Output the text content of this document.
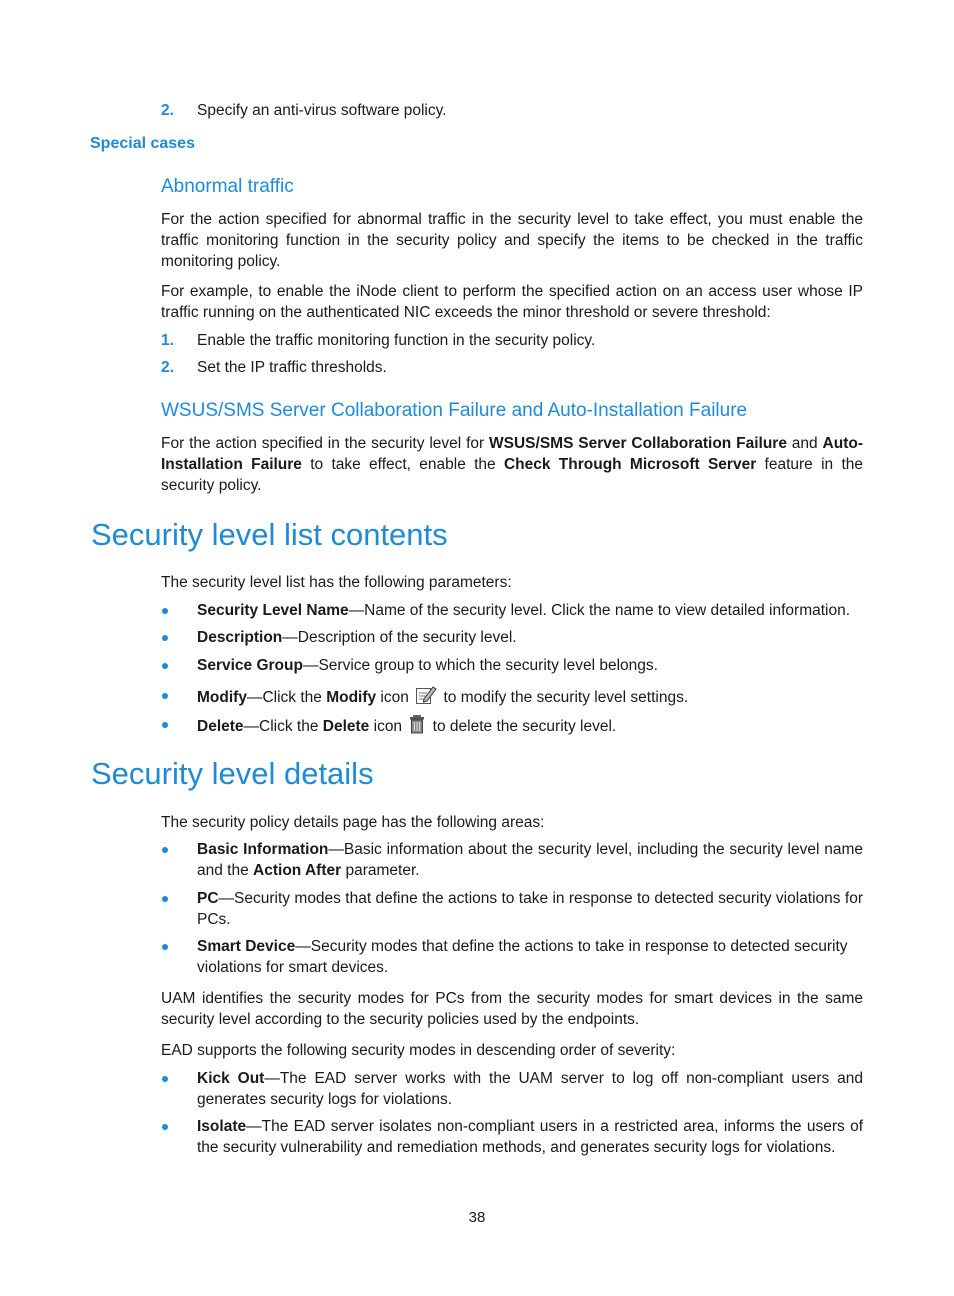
2. Specify an anti-virus software policy.
Special cases
Abnormal traffic

For the action specified for abnormal traffic in the security level to take effect, you must enable the traffic monitoring function in the security policy and specify the items to be checked in the traffic monitoring policy.

For example, to enable the iNode client to perform the specified action on an access user whose IP traffic running on the authenticated NIC exceeds the minor threshold or severe threshold:

1. Enable the traffic monitoring function in the security policy.
2. Set the IP traffic thresholds.
WSUS/SMS Server Collaboration Failure and Auto-Installation Failure

For the action specified in the security level for WSUS/SMS Server Collaboration Failure and Auto-Installation Failure to take effect, enable the Check Through Microsoft Server feature in the security policy.

Security level list contents

The security level list has the following parameters:

Security Level Name—Name of the security level. Click the name to view detailed information.

Description—Description of the security level.

Service Group—Service group to which the security level belongs.

Modify—Click the Modify icon  to modify the security level settings.

Delete—Click the Delete icon  to delete the security level.

Security level details

The security policy details page has the following areas:

Basic Information—Basic information about the security level, including the security level name and the Action After parameter.

PC—Security modes that define the actions to take in response to detected security violations for PCs.

Smart Device—Security modes that define the actions to take in response to detected security violations for smart devices.

UAM identifies the security modes for PCs from the security modes for smart devices in the same security level according to the security policies used by the endpoints.

EAD supports the following security modes in descending order of severity:

Kick Out—The EAD server works with the UAM server to log off non-compliant users and generates security logs for violations.

Isolate—The EAD server isolates non-compliant users in a restricted area, informs the users of the security vulnerability and remediation methods, and generates security logs for violations.

38
